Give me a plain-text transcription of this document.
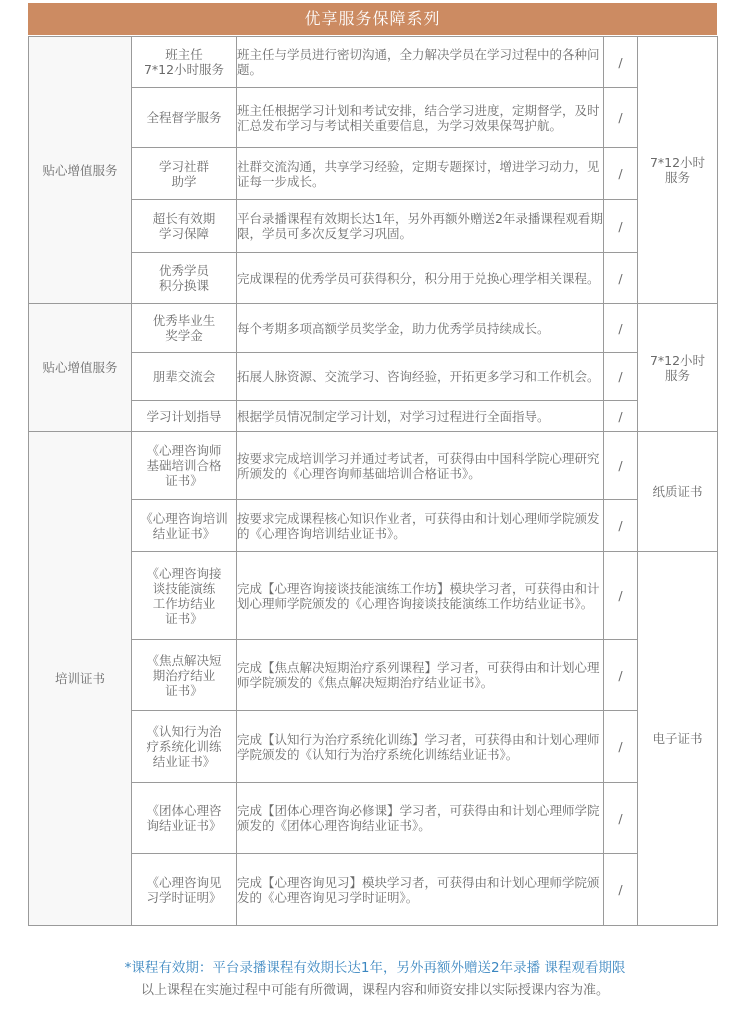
优享服务保障系列
贴心增值服务	班主任
7*12小时服务	班主任与学员进行密切沟通，全力解决学员在学习过程中的各种问题。	/	7*12小时
服务
	全程督学服务	班主任根据学习计划和考试安排，结合学习进度，定期督学，及时汇总发布学习与考试相关重要信息，为学习效果保驾护航。	/	
	学习社群
助学	社群交流沟通，共享学习经验，定期专题探讨，增进学习动力，见证每一步成长。	/	
	超长有效期
学习保障	平台录播课程有效期长达1年，另外再额外赠送2年录播课程观看期限，学员可多次反复学习巩固。	/	
	优秀学员
积分换课	完成课程的优秀学员可获得积分，积分用于兑换心理学相关课程。	/	
贴心增值服务	优秀毕业生
奖学金	每个考期多项高额学员奖学金，助力优秀学员持续成长。	/	7*12小时
服务
	朋辈交流会	拓展人脉资源、交流学习、咨询经验，开拓更多学习和工作机会。	/	
	学习计划指导	根据学员情况制定学习计划，对学习过程进行全面指导。	/	
培训证书	《心理咨询师
基础培训合格
证书》	按要求完成培训学习并通过考试者，可获得由中国科学院心理研究所颁发的《心理咨询师基础培训合格证书》。	/	纸质证书
	《心理咨询培训
结业证书》	按要求完成课程核心知识作业者，可获得由和计划心理师学院颁发的《心理咨询培训结业证书》。	/	
	《心理咨询接
谈技能演练
工作坊结业
证书》	完成【心理咨询接谈技能演练工作坊】模块学习者，可获得由和计划心理师学院颁发的《心理咨询接谈技能演练工作坊结业证书》。	/	电子证书
	《焦点解决短
期治疗结业
证书》	完成【焦点解决短期治疗系列课程】学习者，可获得由和计划心理师学院颁发的《焦点解决短期治疗结业证书》。	/	
	《认知行为治
疗系统化训练
结业证书》	完成【认知行为治疗系统化训练】学习者，可获得由和计划心理师学院颁发的《认知行为治疗系统化训练结业证书》。	/	
	《团体心理咨
询结业证书》	完成【团体心理咨询必修课】学习者，可获得由和计划心理师学院颁发的《团体心理咨询结业证书》。	/	
	《心理咨询见
习学时证明》	完成【心理咨询见习】模块学习者，可获得由和计划心理师学院颁发的《心理咨询见习学时证明》。	/	
*课程有效期：平台录播课程有效期长达1年，另外再额外赠送2年录播 课程观看期限
以上课程在实施过程中可能有所微调，课程内容和师资安排以实际授课内容为准。
